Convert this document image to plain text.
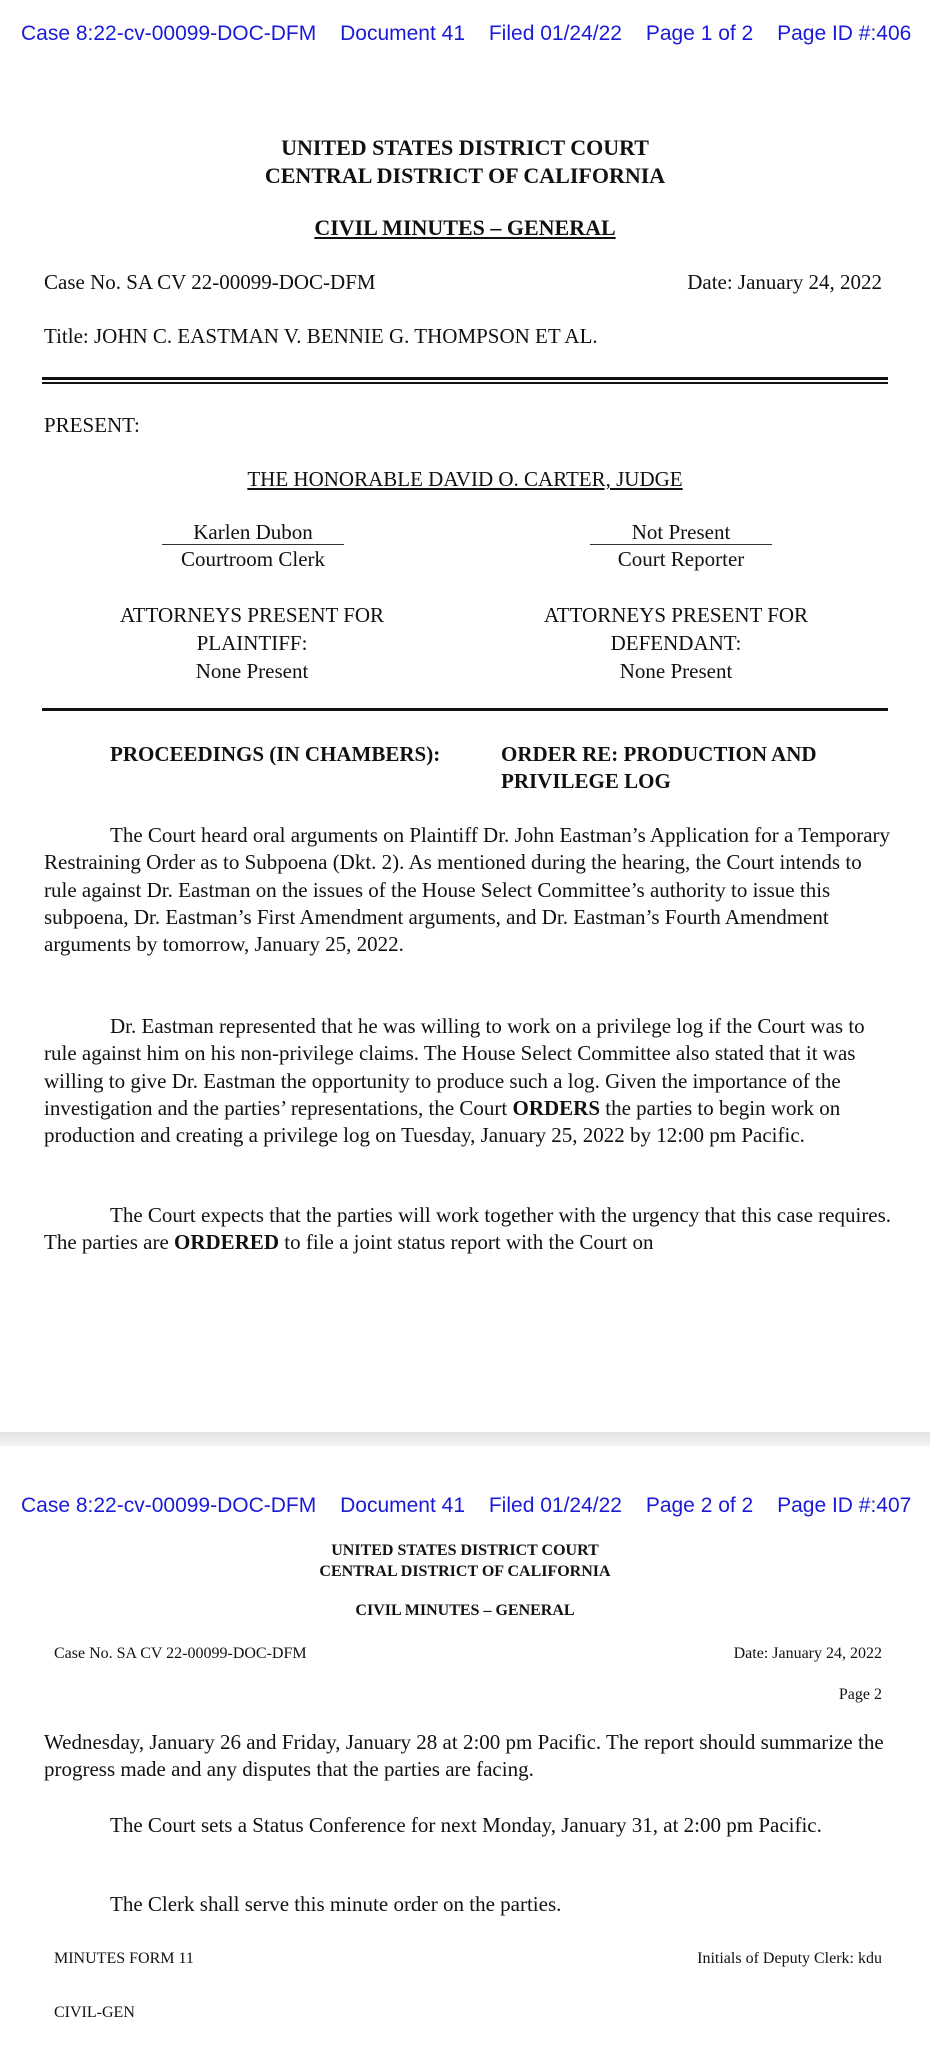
Case 8:22-cv-00099-DOC-DFM Document 41 Filed 01/24/22 Page 1 of 2 Page ID #:406
UNITED STATES DISTRICT COURT
CENTRAL DISTRICT OF CALIFORNIA
CIVIL MINUTES – GENERAL
Case No. SA CV 22-00099-DOC-DFM	Date: January 24, 2022
Title: JOHN C. EASTMAN V. BENNIE G. THOMPSON ET AL.
PRESENT:
THE HONORABLE DAVID O. CARTER, JUDGE
Karlen Dubon
Courtroom Clerk
Not Present
Court Reporter
ATTORNEYS PRESENT FOR
PLAINTIFF:
None Present
ATTORNEYS PRESENT FOR
DEFENDANT:
None Present
PROCEEDINGS (IN CHAMBERS):	ORDER RE: PRODUCTION AND
PRIVILEGE LOG
The Court heard oral arguments on Plaintiff Dr. John Eastman’s Application for a Temporary Restraining Order as to Subpoena (Dkt. 2). As mentioned during the hearing, the Court intends to rule against Dr. Eastman on the issues of the House Select Committee’s authority to issue this subpoena, Dr. Eastman’s First Amendment arguments, and Dr. Eastman’s Fourth Amendment arguments by tomorrow, January 25, 2022.
Dr. Eastman represented that he was willing to work on a privilege log if the Court was to rule against him on his non-privilege claims. The House Select Committee also stated that it was willing to give Dr. Eastman the opportunity to produce such a log. Given the importance of the investigation and the parties’ representations, the Court ORDERS the parties to begin work on production and creating a privilege log on Tuesday, January 25, 2022 by 12:00 pm Pacific.
The Court expects that the parties will work together with the urgency that this case requires. The parties are ORDERED to file a joint status report with the Court on
Case 8:22-cv-00099-DOC-DFM Document 41 Filed 01/24/22 Page 2 of 2 Page ID #:407
UNITED STATES DISTRICT COURT
CENTRAL DISTRICT OF CALIFORNIA
CIVIL MINUTES – GENERAL
Case No. SA CV 22-00099-DOC-DFM	Date: January 24, 2022
Page 2
Wednesday, January 26 and Friday, January 28 at 2:00 pm Pacific. The report should summarize the progress made and any disputes that the parties are facing.
The Court sets a Status Conference for next Monday, January 31, at 2:00 pm Pacific.
The Clerk shall serve this minute order on the parties.
MINUTES FORM 11	Initials of Deputy Clerk: kdu
CIVIL-GEN
